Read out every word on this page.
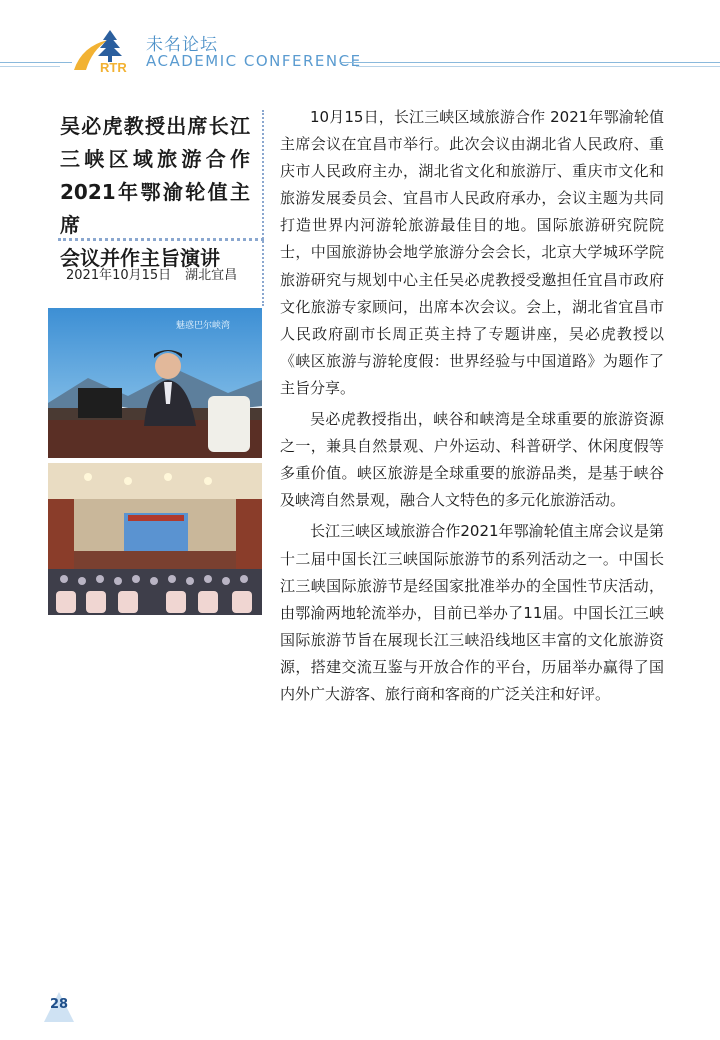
RTR
未名论坛
ACADEMIC CONFERENCE
吴必虎教授出席长江
三峡区域旅游合作
2021年鄂渝轮值主席
会议并作主旨演讲
2021年10月15日 湖北宜昌
魅惑巴尔峡湾

10月15日，长江三峡区域旅游合作 2021年鄂渝轮值主席会议在宜昌市举行。此次会议由湖北省人民政府、重庆市人民政府主办，湖北省文化和旅游厅、重庆市文化和旅游发展委员会、宜昌市人民政府承办，会议主题为共同打造世界内河游轮旅游最佳目的地。国际旅游研究院院士，中国旅游协会地学旅游分会会长，北京大学城环学院旅游研究与规划中心主任吴必虎教授受邀担任宜昌市政府文化旅游专家顾问，出席本次会议。会上，湖北省宜昌市人民政府副市长周正英主持了专题讲座，吴必虎教授以《峡区旅游与游轮度假：世界经验与中国道路》为题作了主旨分享。

吴必虎教授指出，峡谷和峡湾是全球重要的旅游资源之一，兼具自然景观、户外运动、科普研学、休闲度假等多重价值。峡区旅游是全球重要的旅游品类，是基于峡谷及峡湾自然景观，融合人文特色的多元化旅游活动。

长江三峡区域旅游合作2021年鄂渝轮值主席会议是第十二届中国长江三峡国际旅游节的系列活动之一。中国长江三峡国际旅游节是经国家批准举办的全国性节庆活动，由鄂渝两地轮流举办，目前已举办了11届。中国长江三峡国际旅游节旨在展现长江三峡沿线地区丰富的文化旅游资源，搭建交流互鉴与开放合作的平台，历届举办赢得了国内外广大游客、旅行商和客商的广泛关注和好评。

28
